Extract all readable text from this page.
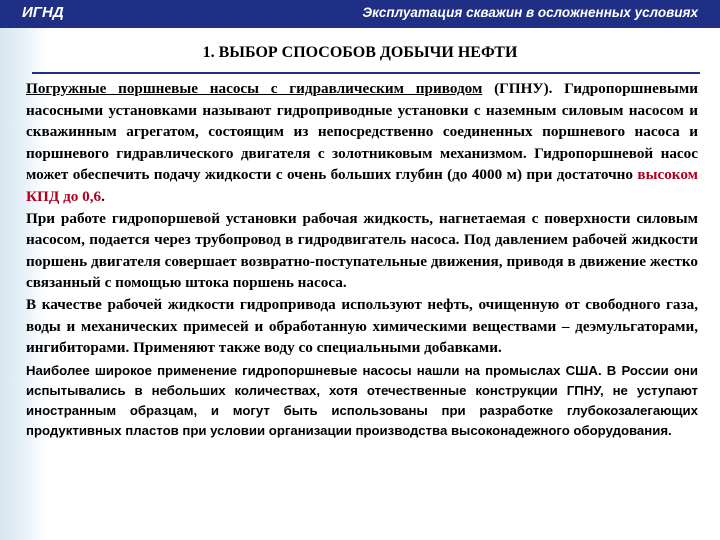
ИГНД	Эксплуатация скважин в осложненных условиях
1. ВЫБОР СПОСОБОВ ДОБЫЧИ НЕФТИ

Погружные поршневые насосы с гидравлическим приводом (ГПНУ). Гидропоршневыми насосными установками называют гидроприводные установки с наземным силовым насосом и скважинным агрегатом, состоящим из непосредственно соединенных поршневого насоса и поршневого гидравлического двигателя с золотниковым механизмом. Гидропоршневой насос может обеспечить подачу жидкости с очень больших глубин (до 4000 м) при достаточно высоком КПД до 0,6.

При работе гидропоршевой установки рабочая жидкость, нагнетаемая с поверхности силовым насосом, подается через трубопровод в гидродвигатель насоса. Под давлением рабочей жидкости поршень двигателя совершает возвратно-поступательные движения, приводя в движение жестко связанный с помощью штока поршень насоса.

В качестве рабочей жидкости гидропривода используют нефть, очищенную от свободного газа, воды и механических примесей и обработанную химическими веществами – деэмульгаторами, ингибиторами. Применяют также воду со специальными добавками.

Наиболее широкое применение гидропоршневые насосы нашли на промыслах США. В России они испытывались в небольших количествах, хотя отечественные конструкции ГПНУ, не уступают иностранным образцам, и могут быть использованы при разработке глубокозалегающих продуктивных пластов при условии организации производства высоконадежного оборудования.
